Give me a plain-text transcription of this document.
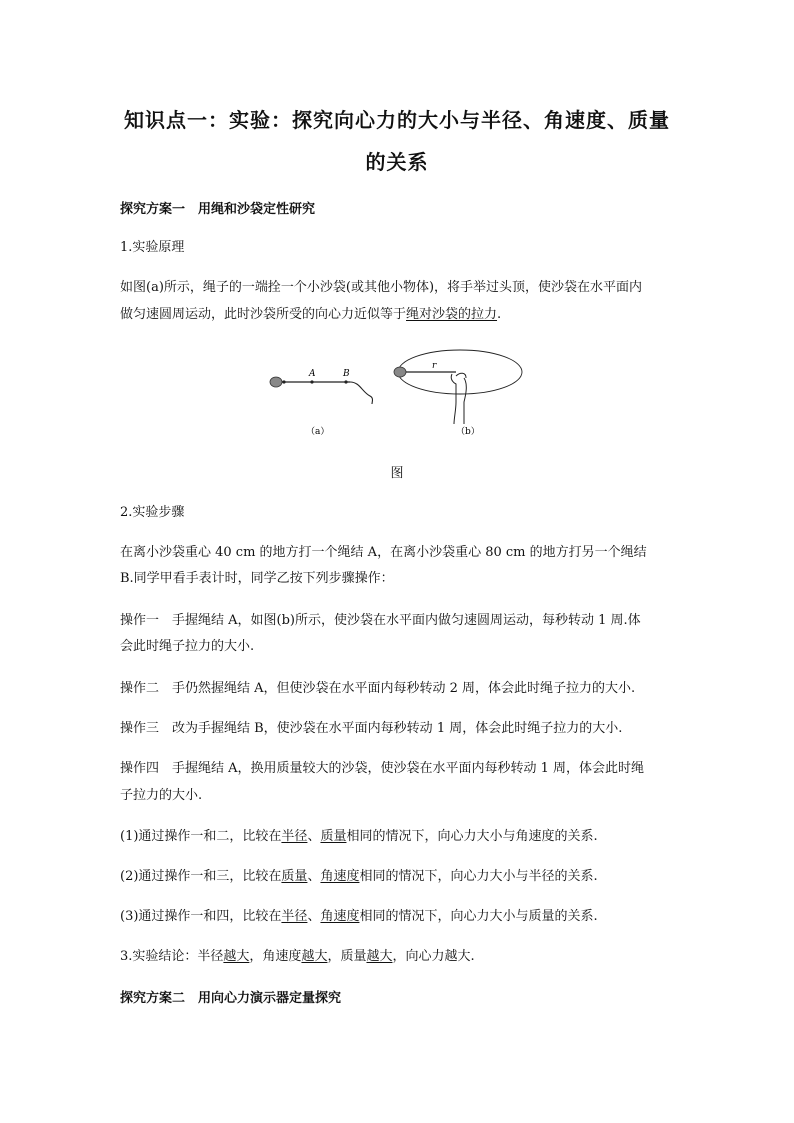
知识点一：实验：探究向心力的大小与半径、角速度、质量
的关系
探究方案一　用绳和沙袋定性研究
1.实验原理
如图(a)所示，绳子的一端拴一个小沙袋(或其他小物体)，将手举过头顶，使沙袋在水平面内
做匀速圆周运动，此时沙袋所受的向心力近似等于绳对沙袋的拉力.
A	B
（a）
r
（b）
图
2.实验步骤
在离小沙袋重心 40 cm 的地方打一个绳结 A，在离小沙袋重心 80 cm 的地方打另一个绳结
B.同学甲看手表计时，同学乙按下列步骤操作：
操作一　手握绳结 A，如图(b)所示，使沙袋在水平面内做匀速圆周运动，每秒转动 1 周.体
会此时绳子拉力的大小.
操作二　手仍然握绳结 A，但使沙袋在水平面内每秒转动 2 周，体会此时绳子拉力的大小.
操作三　改为手握绳结 B，使沙袋在水平面内每秒转动 1 周，体会此时绳子拉力的大小.
操作四　手握绳结 A，换用质量较大的沙袋，使沙袋在水平面内每秒转动 1 周，体会此时绳
子拉力的大小.
(1)通过操作一和二，比较在半径、质量相同的情况下，向心力大小与角速度的关系.
(2)通过操作一和三，比较在质量、角速度相同的情况下，向心力大小与半径的关系.
(3)通过操作一和四，比较在半径、角速度相同的情况下，向心力大小与质量的关系.
3.实验结论：半径越大，角速度越大，质量越大，向心力越大.
探究方案二　用向心力演示器定量探究
